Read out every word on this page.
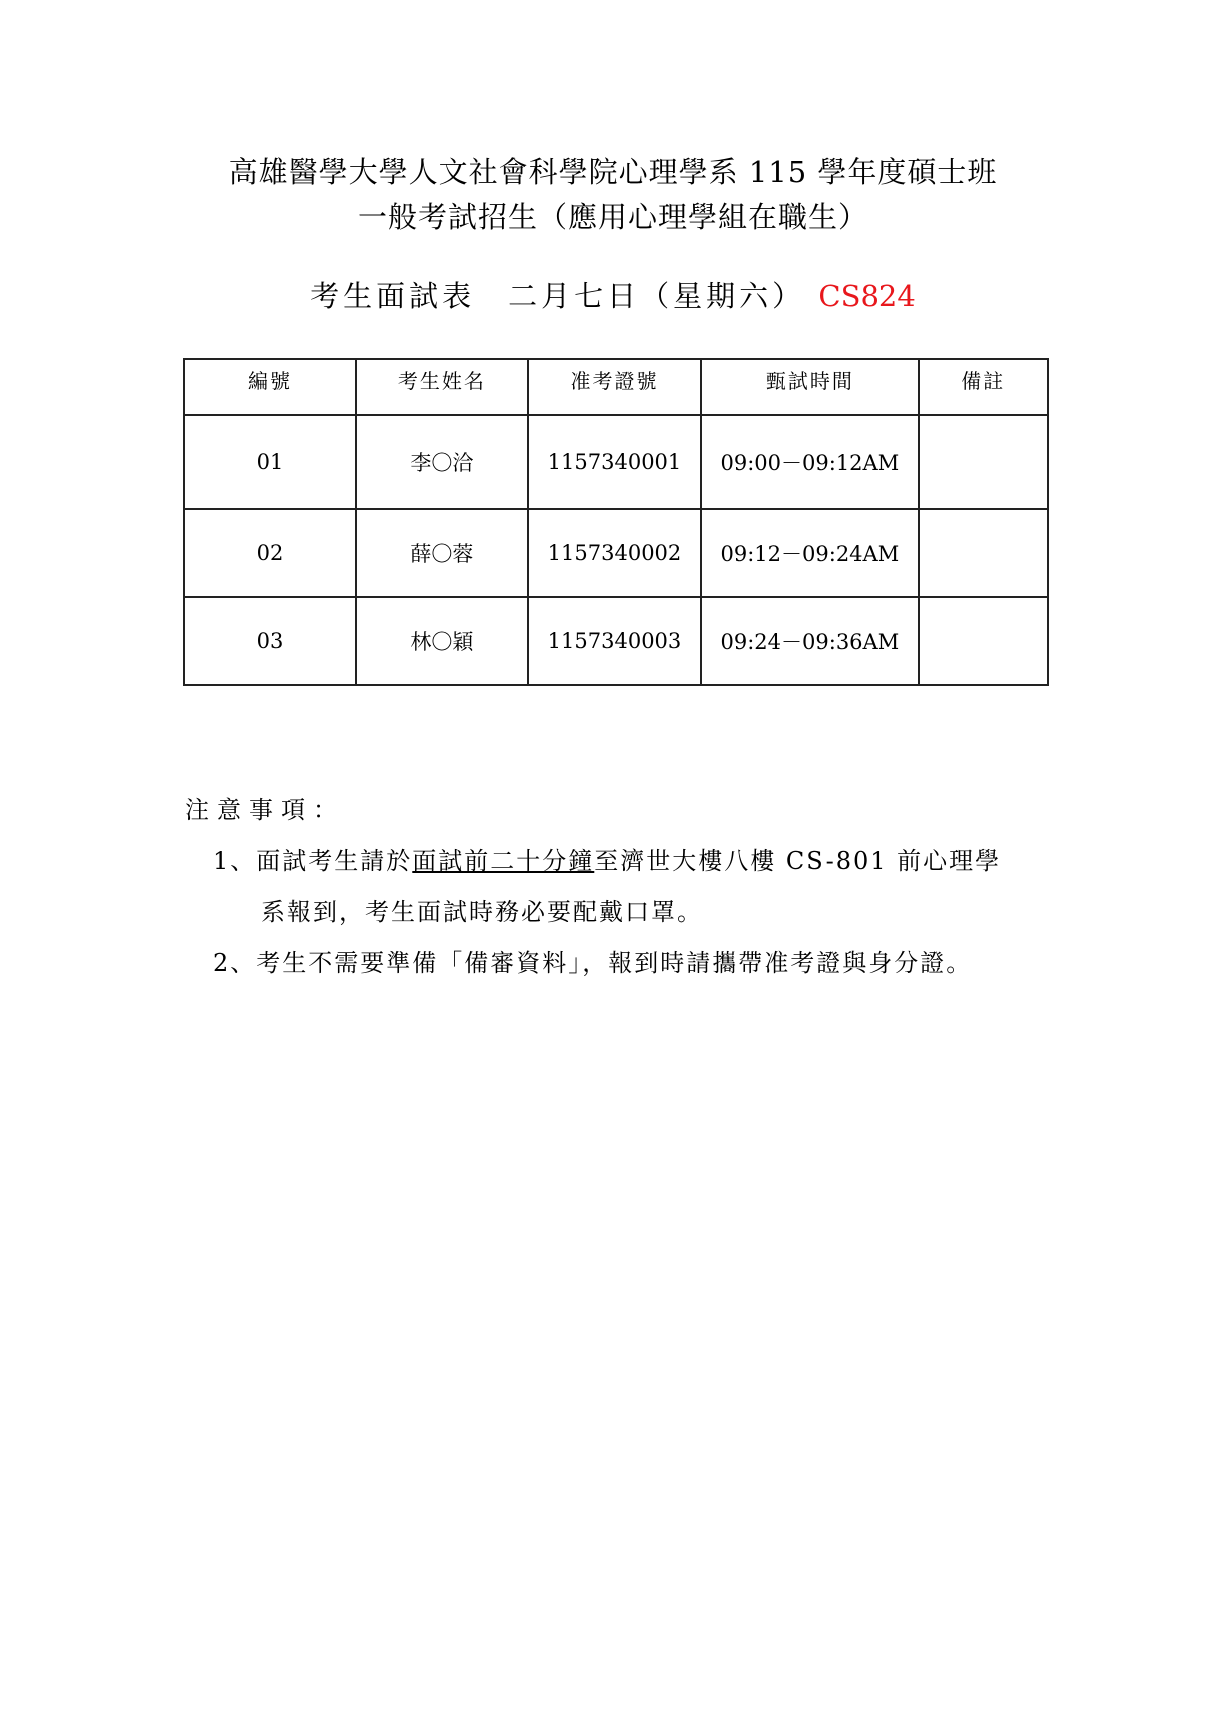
高雄醫學大學人文社會科學院心理學系 115 學年度碩士班
一般考試招生（應用心理學組在職生）
考生面試表　二月七日（星期六） CS824
編號	考生姓名	准考證號	甄試時間	備註
01	李〇洽	1157340001	09:00－09:12AM	
02	薛〇蓉	1157340002	09:12－09:24AM	
03	林〇穎	1157340003	09:24－09:36AM	
注意事項：
1、面試考生請於面試前二十分鐘至濟世大樓八樓 CS-801 前心理學
系報到，考生面試時務必要配戴口罩。
2、考生不需要準備「備審資料」，報到時請攜帶准考證與身分證。
